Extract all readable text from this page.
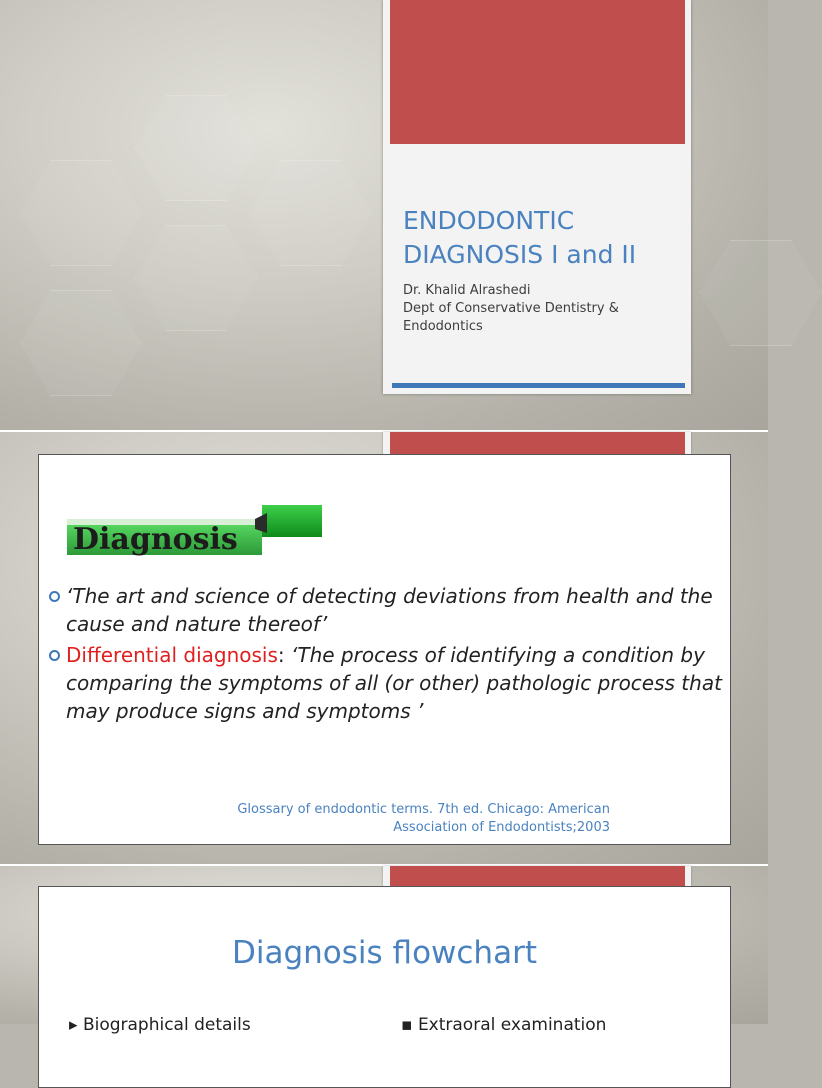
ENDODONTIC DIAGNOSIS I and II
Dr. Khalid Alrashedi
Dept of Conservative Dentistry & Endodontics
Diagnosis
‘The art and science of detecting deviations from health and the cause and nature thereof’
Differential diagnosis: ‘The process of identifying a condition by comparing the symptoms of all (or other) pathologic process that may produce signs and symptoms ’
Glossary of endodontic terms. 7th ed. Chicago: American
Association of Endodontists;2003
Diagnosis flowchart
▸ Biographical details	▪ Extraoral examination
